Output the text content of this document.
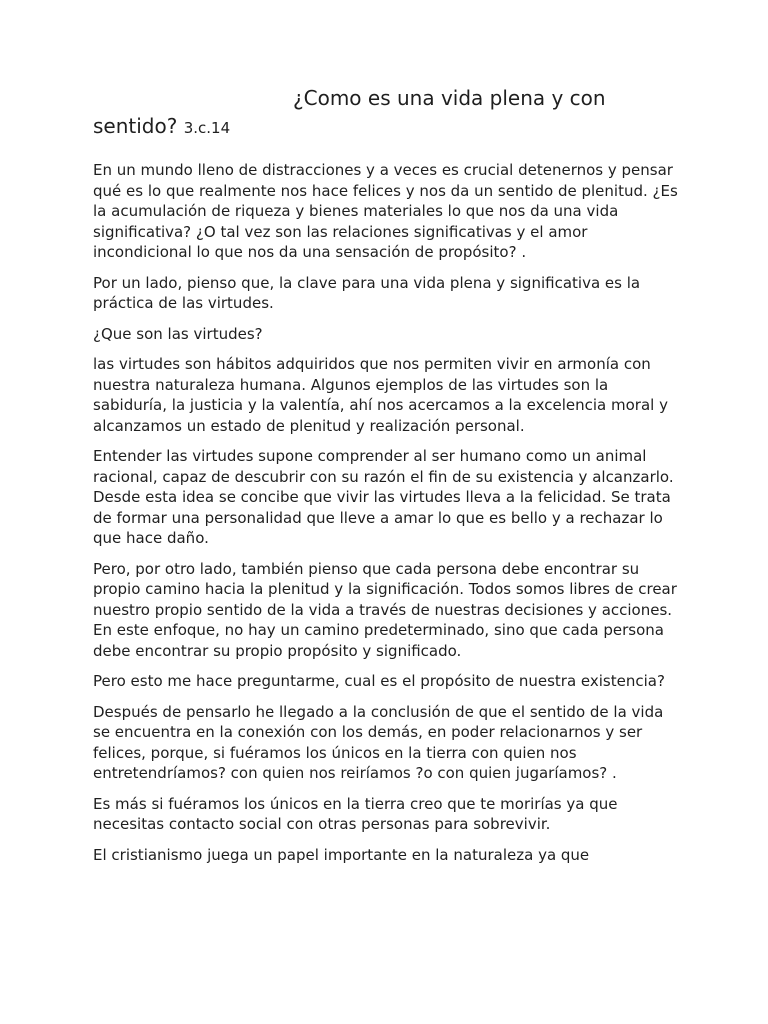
¿Como es una vida plena y con sentido? 3.c.14

En un mundo lleno de distracciones y a veces es crucial detenernos y pensar qué es lo que realmente nos hace felices y nos da un sentido de plenitud. ¿Es la acumulación de riqueza y bienes materiales lo que nos da una vida significativa? ¿O tal vez son las relaciones significativas y el amor incondicional lo que nos da una sensación de propósito? .

Por un lado, pienso que, la clave para una vida plena y significativa es la práctica de las virtudes.

¿Que son las virtudes?

las virtudes son hábitos adquiridos que nos permiten vivir en armonía con nuestra naturaleza humana. Algunos ejemplos de las virtudes son la sabiduría, la justicia y la valentía, ahí nos acercamos a la excelencia moral y alcanzamos un estado de plenitud y realización personal.

Entender las virtudes supone comprender al ser humano como un animal racional, capaz de descubrir con su razón el fin de su existencia y alcanzarlo. Desde esta idea se concibe que vivir las virtudes lleva a la felicidad. Se trata de formar una personalidad que lleve a amar lo que es bello y a rechazar lo que hace daño.

Pero, por otro lado, también pienso que cada persona debe encontrar su propio camino hacia la plenitud y la significación. Todos somos libres de crear nuestro propio sentido de la vida a través de nuestras decisiones y acciones. En este enfoque, no hay un camino predeterminado, sino que cada persona debe encontrar su propio propósito y significado.

Pero esto me hace preguntarme, cual es el propósito de nuestra existencia?

Después de pensarlo he llegado a la conclusión de que el sentido de la vida se encuentra en la conexión con los demás, en poder relacionarnos y ser felices, porque, si fuéramos los únicos en la tierra con quien nos entretendríamos? con quien nos reiríamos ?o con quien jugaríamos? .

Es más si fuéramos los únicos en la tierra creo que te morirías ya que necesitas contacto social con otras personas para sobrevivir.

El cristianismo juega un papel importante en la naturaleza ya que
